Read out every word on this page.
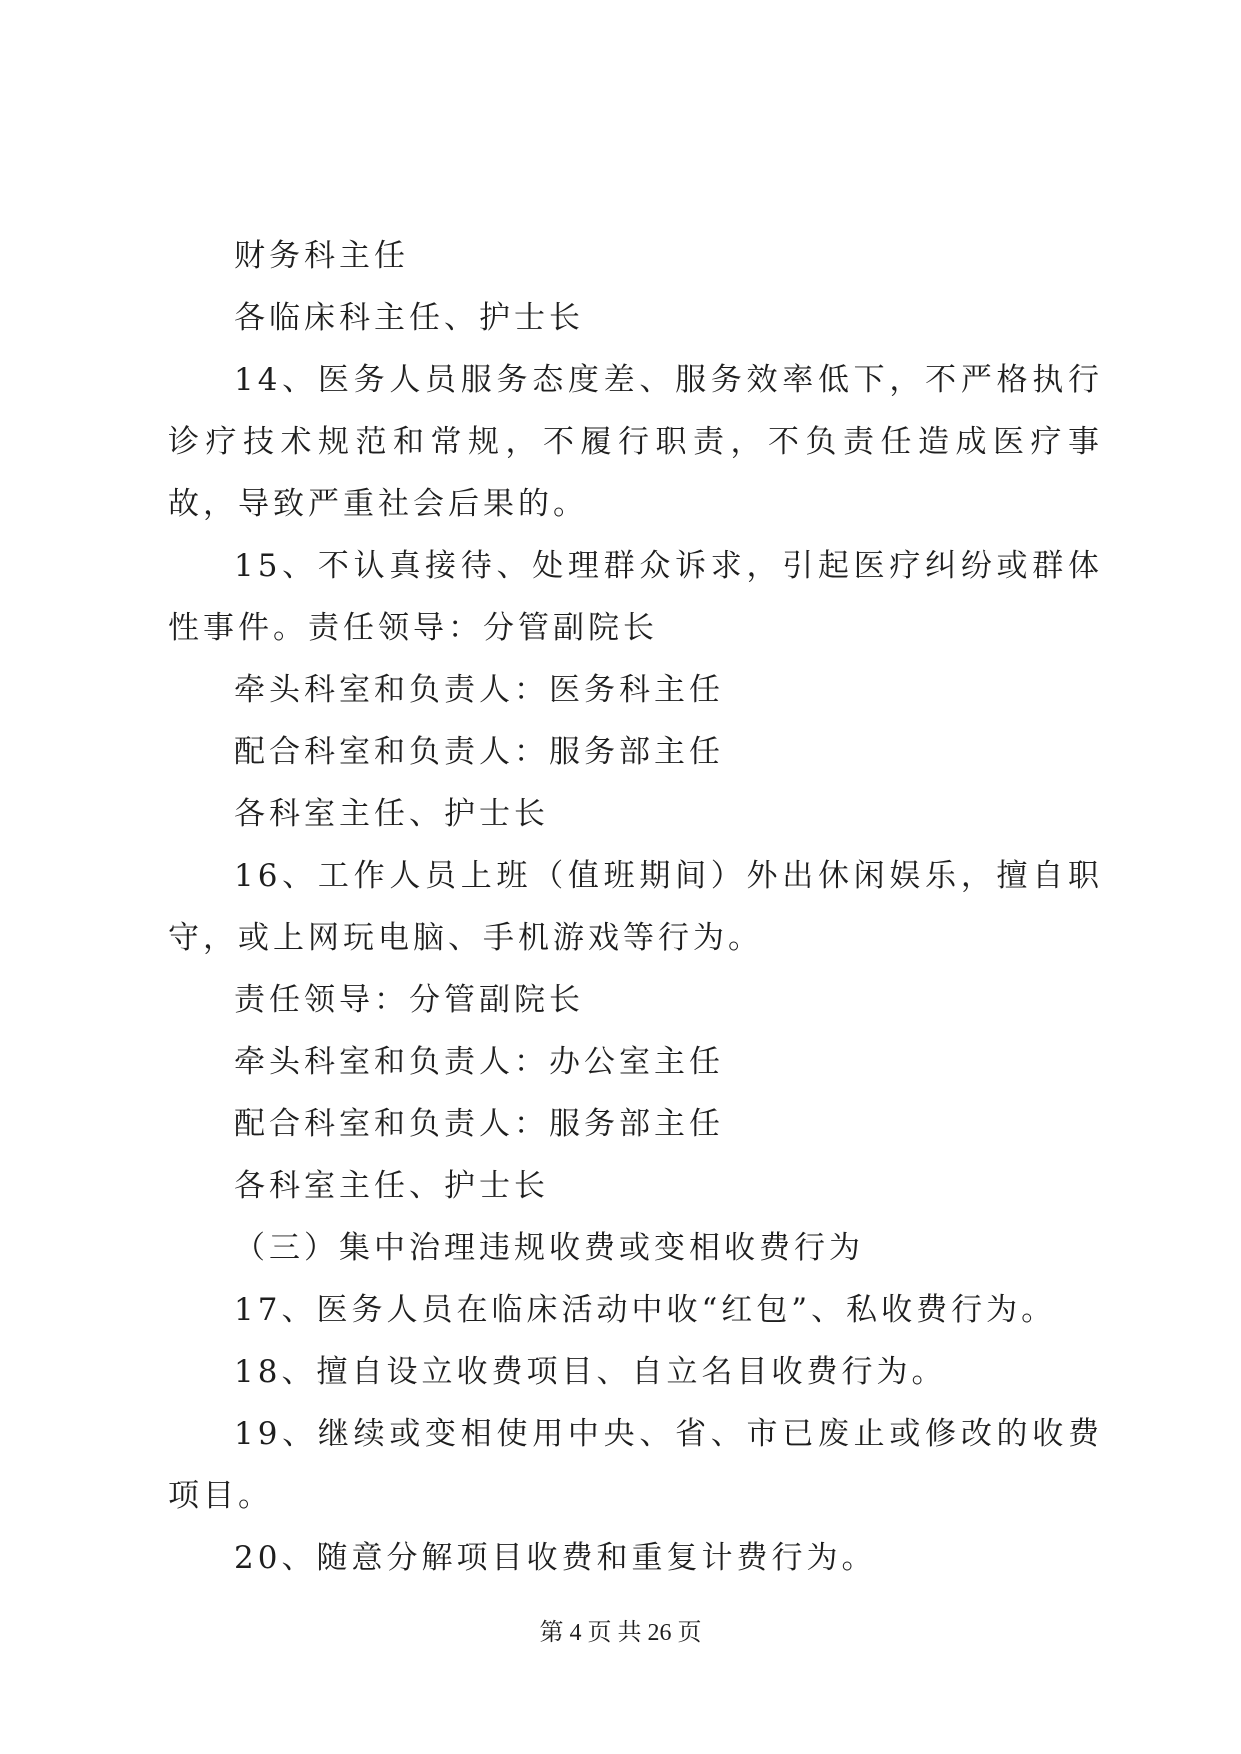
财务科主任

各临床科主任、护士长

14、医务人员服务态度差、服务效率低下，不严格执行诊疗技术规范和常规，不履行职责，不负责任造成医疗事故，导致严重社会后果的。

15、不认真接待、处理群众诉求，引起医疗纠纷或群体性事件。责任领导：分管副院长

牵头科室和负责人：医务科主任

配合科室和负责人：服务部主任

各科室主任、护士长

16、工作人员上班（值班期间）外出休闲娱乐，擅自职守，或上网玩电脑、手机游戏等行为。

责任领导：分管副院长

牵头科室和负责人：办公室主任

配合科室和负责人：服务部主任

各科室主任、护士长

（三）集中治理违规收费或变相收费行为

17、医务人员在临床活动中收“红包”、私收费行为。

18、擅自设立收费项目、自立名目收费行为。

19、继续或变相使用中央、省、市已废止或修改的收费项目。

20、随意分解项目收费和重复计费行为。

第 4 页 共 26 页
